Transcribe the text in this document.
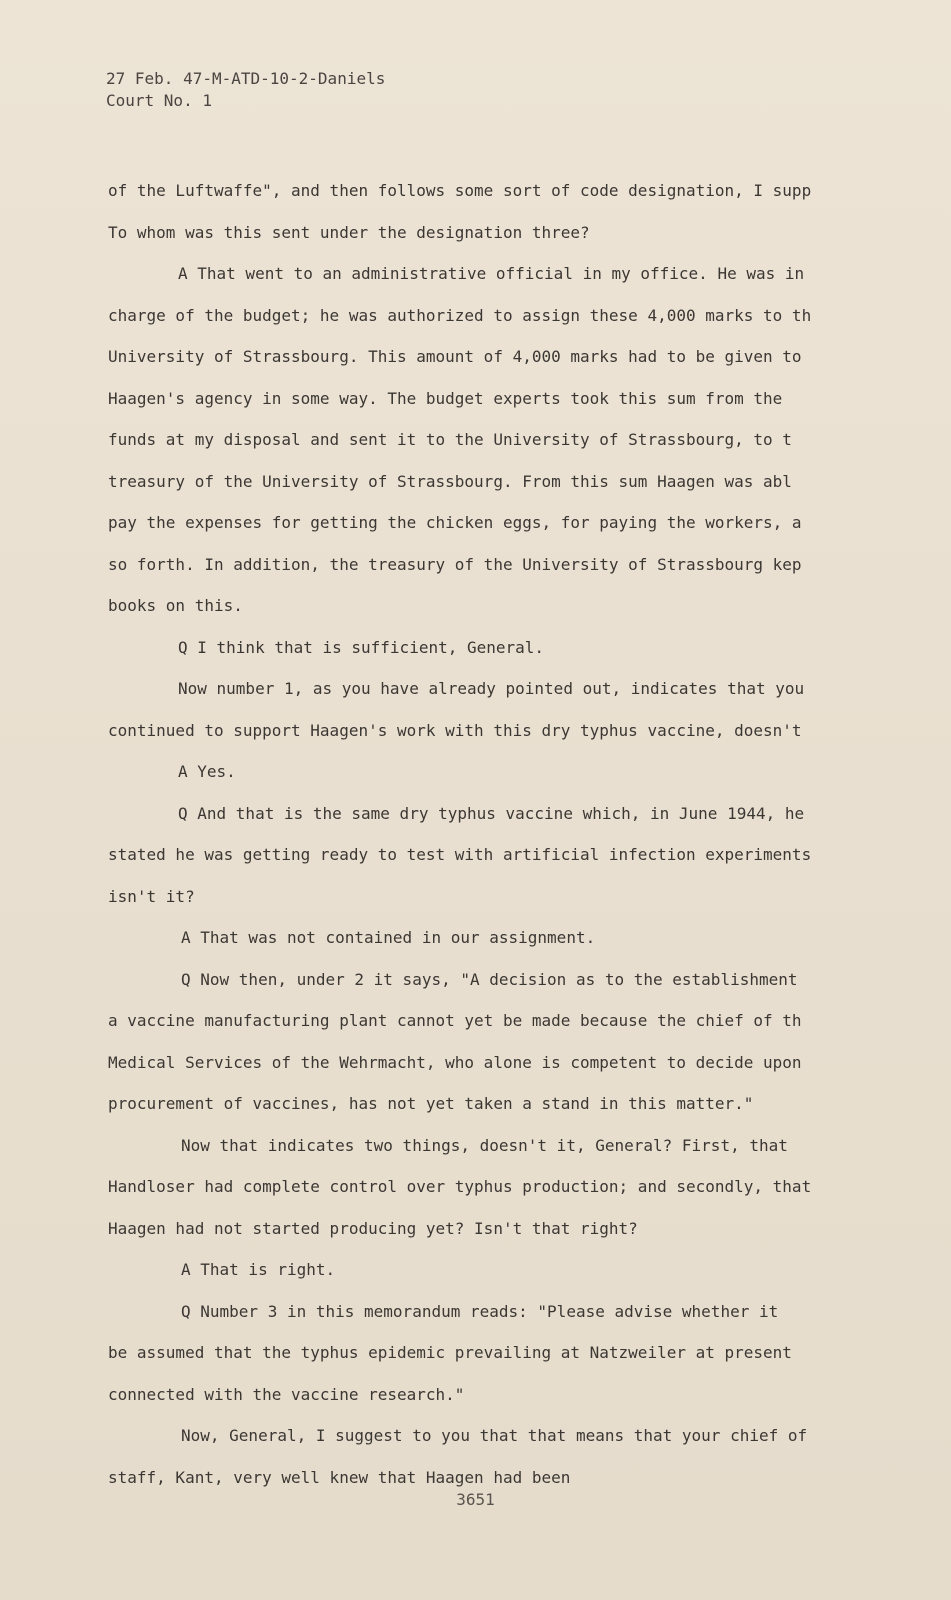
27 Feb. 47-M-ATD-10-2-Daniels
Court No. 1
of the Luftwaffe", and then follows some sort of code designation, I supp
To whom was this sent under the designation three?
A That went to an administrative official in my office. He was in
charge of the budget; he was authorized to assign these 4,000 marks to th
University of Strassbourg. This amount of 4,000 marks had to be given to
Haagen's agency in some way. The budget experts took this sum from the
funds at my disposal and sent it to the University of Strassbourg, to t
treasury of the University of Strassbourg. From this sum Haagen was abl
pay the expenses for getting the chicken eggs, for paying the workers, a
so forth. In addition, the treasury of the University of Strassbourg kep
books on this.
Q I think that is sufficient, General.
Now number 1, as you have already pointed out, indicates that you
continued to support Haagen's work with this dry typhus vaccine, doesn't
A Yes.
Q And that is the same dry typhus vaccine which, in June 1944, he
stated he was getting ready to test with artificial infection experiments
isn't it?
A That was not contained in our assignment.
Q Now then, under 2 it says, "A decision as to the establishment
a vaccine manufacturing plant cannot yet be made because the chief of th
Medical Services of the Wehrmacht, who alone is competent to decide upon
procurement of vaccines, has not yet taken a stand in this matter."
Now that indicates two things, doesn't it, General? First, that
Handloser had complete control over typhus production; and secondly, that
Haagen had not started producing yet? Isn't that right?
A That is right.
Q Number 3 in this memorandum reads: "Please advise whether it
be assumed that the typhus epidemic prevailing at Natzweiler at present
connected with the vaccine research."
Now, General, I suggest to you that that means that your chief of
staff, Kant, very well knew that Haagen had been
3651
